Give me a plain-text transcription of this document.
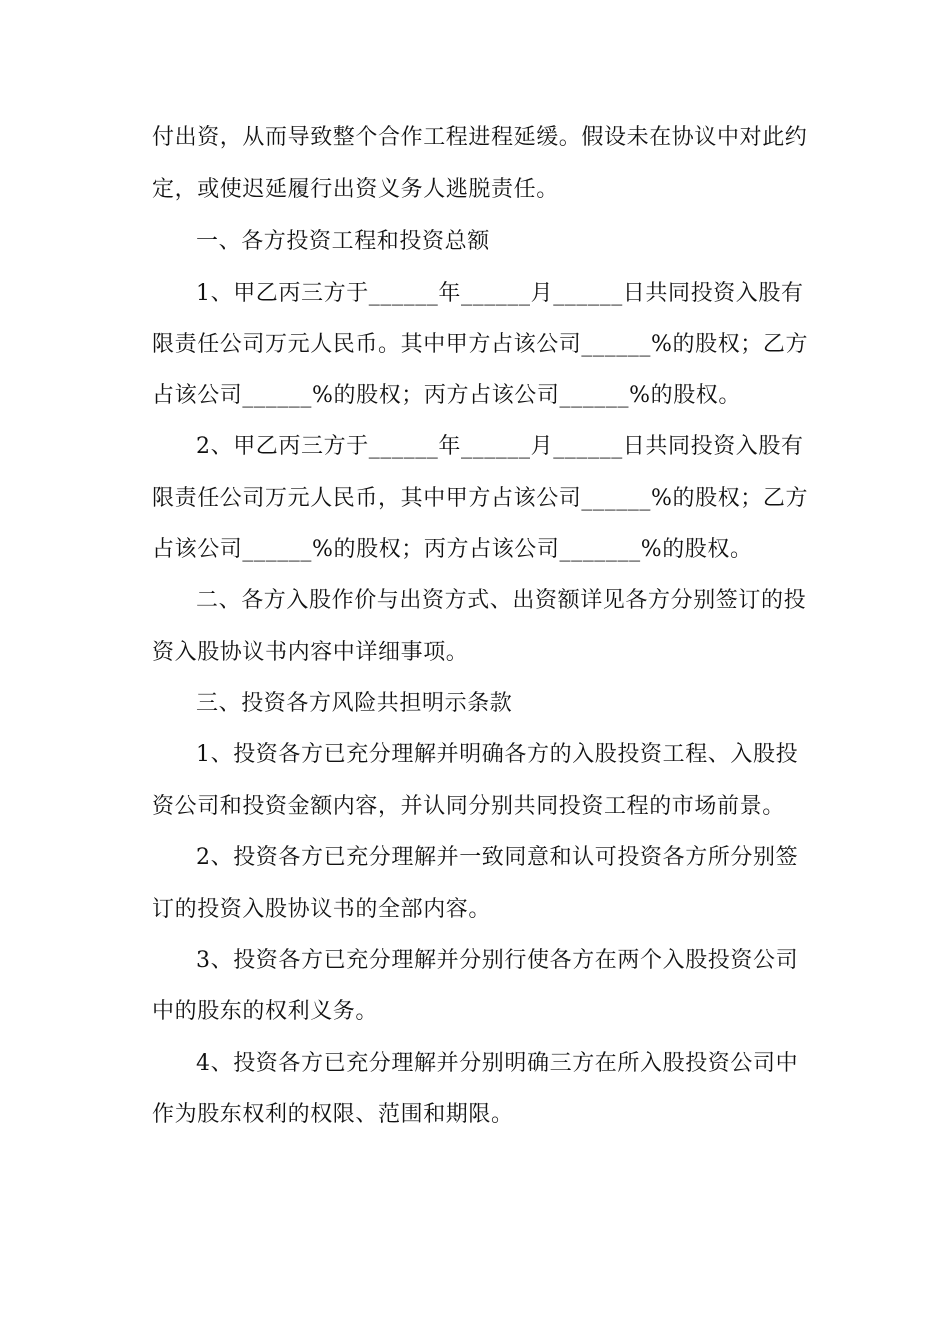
付出资，从而导致整个合作工程进程延缓。假设未在协议中对此约
定，或使迟延履行出资义务人逃脱责任。
一、各方投资工程和投资总额
1、甲乙丙三方于______年______月______日共同投资入股有
限责任公司万元人民币。其中甲方占该公司______%的股权；乙方
占该公司______%的股权；丙方占该公司______%的股权。
2、甲乙丙三方于______年______月______日共同投资入股有
限责任公司万元人民币，其中甲方占该公司______%的股权；乙方
占该公司______%的股权；丙方占该公司_______%的股权。
二、各方入股作价与出资方式、出资额详见各方分别签订的投
资入股协议书内容中详细事项。
三、投资各方风险共担明示条款
1、投资各方已充分理解并明确各方的入股投资工程、入股投
资公司和投资金额内容，并认同分别共同投资工程的市场前景。
2、投资各方已充分理解并一致同意和认可投资各方所分别签
订的投资入股协议书的全部内容。
3、投资各方已充分理解并分别行使各方在两个入股投资公司
中的股东的权利义务。
4、投资各方已充分理解并分别明确三方在所入股投资公司中
作为股东权利的权限、范围和期限。
